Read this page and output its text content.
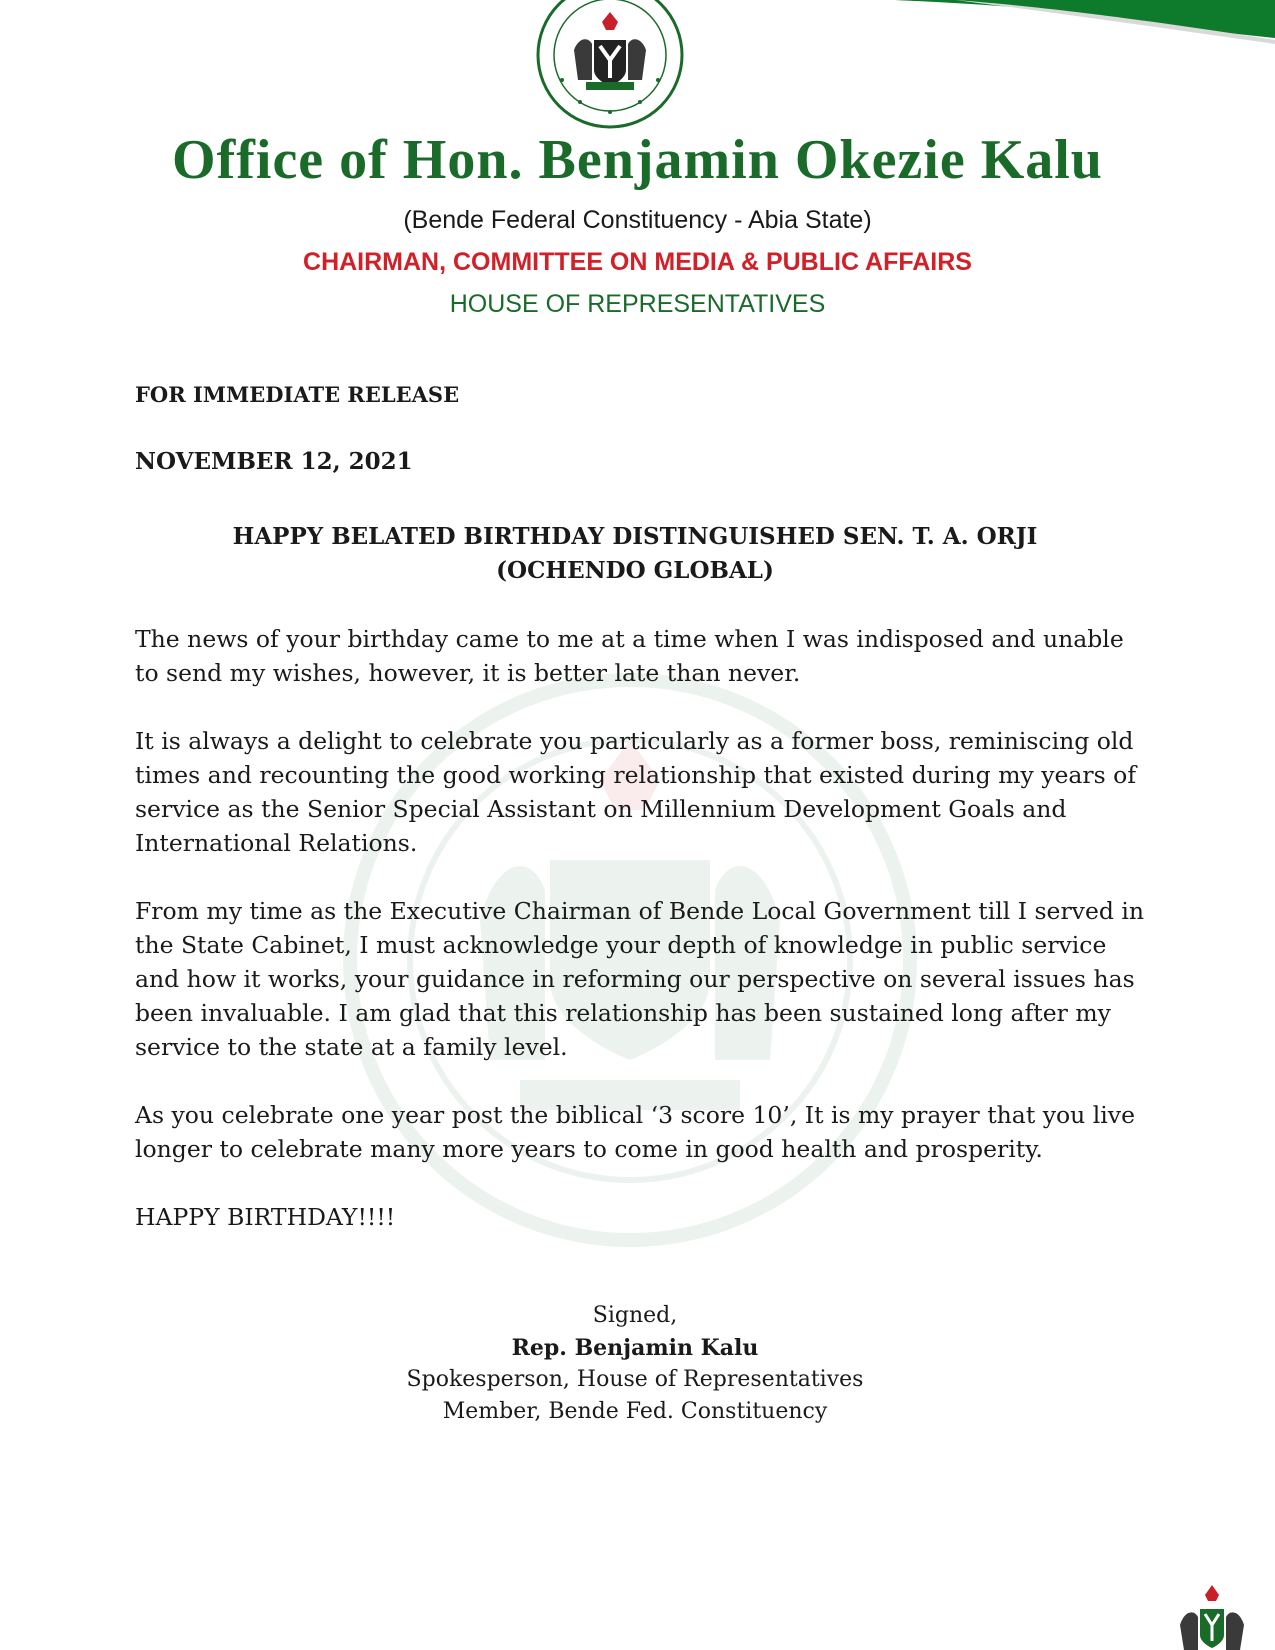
Office of Hon. Benjamin Okezie Kalu
(Bende Federal Constituency - Abia State)
CHAIRMAN, COMMITTEE ON MEDIA & PUBLIC AFFAIRS
HOUSE OF REPRESENTATIVES
FOR IMMEDIATE RELEASE
NOVEMBER 12, 2021
HAPPY BELATED BIRTHDAY DISTINGUISHED SEN. T. A. ORJI
(OCHENDO GLOBAL)

The news of your birthday came to me at a time when I was indisposed and unable to send my wishes, however, it is better late than never.

It is always a delight to celebrate you particularly as a former boss, reminiscing old times and recounting the good working relationship that existed during my years of service as the Senior Special Assistant on Millennium Development Goals and International Relations.

From my time as the Executive Chairman of Bende Local Government till I served in the State Cabinet, I must acknowledge your depth of knowledge in public service and how it works, your guidance in reforming our perspective on several issues has been invaluable. I am glad that this relationship has been sustained long after my service to the state at a family level.

As you celebrate one year post the biblical ‘3 score 10’, It is my prayer that you live longer to celebrate many more years to come in good health and prosperity.

HAPPY BIRTHDAY!!!!

Signed,
Rep. Benjamin Kalu
Spokesperson, House of Representatives
Member, Bende Fed. Constituency
